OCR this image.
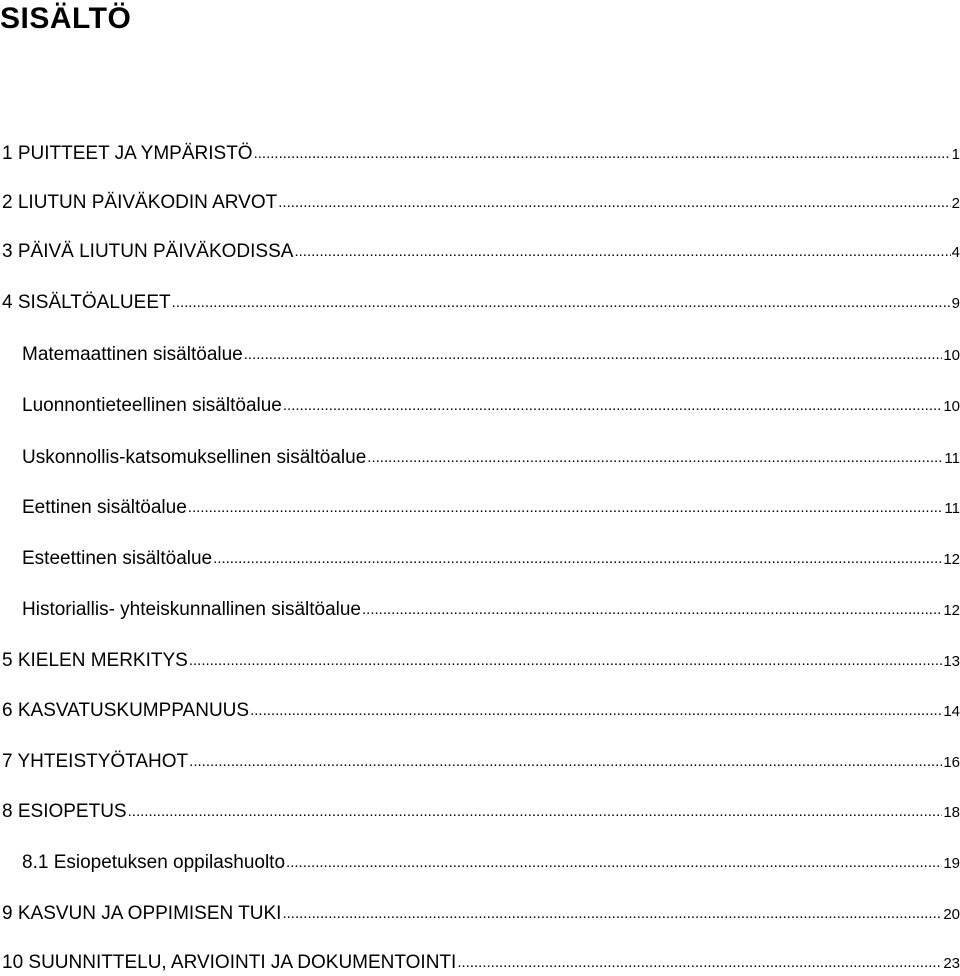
SISÄLTÖ
1 PUITTEET JA YMPÄRISTÖ .....	1
2 LIUTUN PÄIVÄKODIN ARVOT .....	2
3 PÄIVÄ LIUTUN PÄIVÄKODISSA .....	4
4 SISÄLTÖALUEET .....	9
Matemaattinen sisältöalue .....	10
Luonnontieteellinen sisältöalue .....	10
Uskonnollis-katsomuksellinen sisältöalue .....	11
Eettinen sisältöalue .....	11
Esteettinen sisältöalue .....	12
Historiallis- yhteiskunnallinen sisältöalue .....	12
5 KIELEN MERKITYS .....	13
6 KASVATUSKUMPPANUUS .....	14
7 YHTEISTYÖTAHOT .....	16
8 ESIOPETUS .....	18
8.1 Esiopetuksen oppilashuolto .....	19
9 KASVUN JA OPPIMISEN TUKI .....	20
10 SUUNNITTELU, ARVIOINTI JA DOKUMENTOINTI .....	23
